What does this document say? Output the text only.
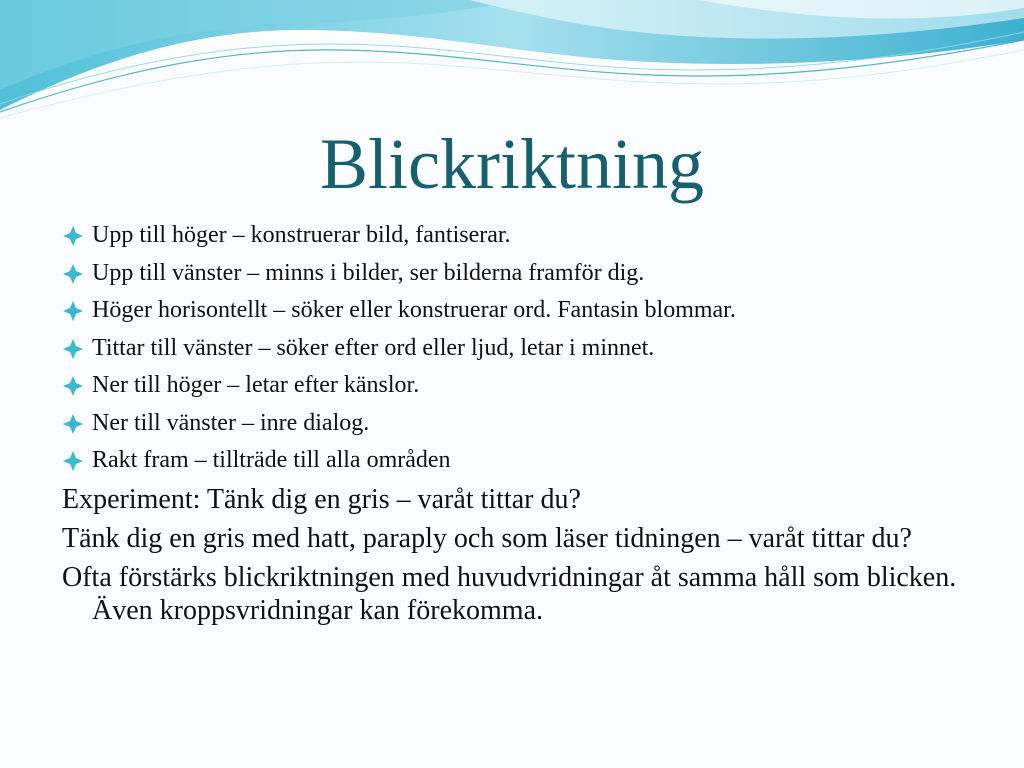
Blickriktning
Upp till höger – konstruerar bild, fantiserar.
Upp till vänster – minns i bilder, ser bilderna framför dig.
Höger horisontellt – söker eller konstruerar ord. Fantasin blommar.
Tittar till vänster – söker efter ord eller ljud, letar i minnet.
Ner till höger – letar efter känslor.
Ner till vänster – inre dialog.
Rakt fram – tillträde till alla områden

Experiment: Tänk dig en gris – varåt tittar du?

Tänk dig en gris med hatt, paraply och som läser tidningen – varåt tittar du?

Ofta förstärks blickriktningen med huvudvridningar åt samma håll som blicken. Även kroppsvridningar kan förekomma.
